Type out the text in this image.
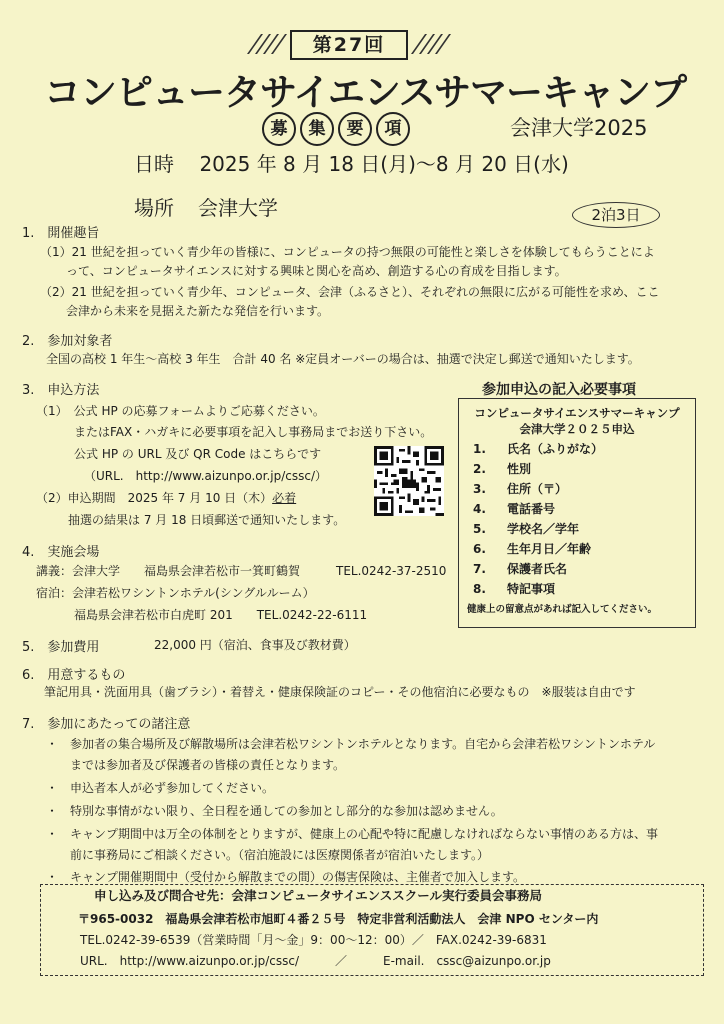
第27回
コンピュータサイエンスサマーキャンプ
募	集	要	項	会津大学2025
日時 2025 年 8 月 18 日(月)～8 月 20 日(水)
場所 会津大学	2泊3日
1.　開催趣旨
（1）21 世紀を担っていく青少年の皆様に、コンピュータの持つ無限の可能性と楽しさを体験してもらうことによ
って、コンピュータサイエンスに対する興味と関心を高め、創造する心の育成を目指します。
（2）21 世紀を担っていく青少年、コンピュータ、会津（ふるさと）、それぞれの無限に広がる可能性を求め、ここ
会津から未来を見据えた新たな発信を行います。
2.　参加対象者
全国の高校 1 年生～高校 3 年生　合計 40 名 ※定員オーバーの場合は、抽選で決定し郵送で通知いたします。
3.　申込方法
（1）　公式 HP の応募フォームよりご応募ください。
またはFAX・ハガキに必要事項を記入し事務局までお送り下さい。
公式 HP の URL 及び QR Code はこちらです
（URL.　http://www.aizunpo.or.jp/cssc/）
（2）申込期間　2025 年 7 月 10 日（木）必着
抽選の結果は 7 月 18 日頃郵送で通知いたします。
参加申込の記入必要事項
コンピュータサイエンスサマーキャンプ
会津大学２０２５申込
1. 氏名（ふりがな）
2. 性別
3. 住所（〒）
4. 電話番号
5. 学校名／学年
6. 生年月日／年齢
7. 保護者氏名
8. 特記事項
健康上の留意点があれば記入してください。
4.　実施会場
講義：会津大学　　福島県会津若松市一箕町鶴賀　　　TEL.0242-37-2510
宿泊：会津若松ワシントンホテル(シングルルーム）
福島県会津若松市白虎町 201　　TEL.0242-22-6111
5.　参加費用	22,000 円（宿泊、食事及び教材費）
6.　用意するもの
筆記用具・洗面用具（歯ブラシ）・着替え・健康保険証のコピー・その他宿泊に必要なもの　※服装は自由です
7.　参加にあたっての諸注意
・ 参加者の集合場所及び解散場所は会津若松ワシントンホテルとなります。自宅から会津若松ワシントンホテル
までは参加者及び保護者の皆様の責任となります。
・ 申込者本人が必ず参加してください。
・ 特別な事情がない限り、全日程を通しての参加とし部分的な参加は認めません。
・ キャンプ期間中は万全の体制をとりますが、健康上の心配や特に配慮しなければならない事情のある方は、事
前に事務局にご相談ください。（宿泊施設には医療関係者が宿泊いたします。）
・ キャンプ開催期間中（受付から解散までの間）の傷害保険は、主催者で加入します。
申し込み及び問合せ先：会津コンピュータサイエンススクール実行委員会事務局
〒965-0032　福島県会津若松市旭町４番２５号　特定非営利活動法人　会津 NPO センター内
TEL.0242-39-6539（営業時間「月～金」9：00～12：00）／　FAX.0242-39-6831
URL.　http://www.aizunpo.or.jp/cssc/　　　／　　　E-mail.　cssc@aizunpo.or.jp
